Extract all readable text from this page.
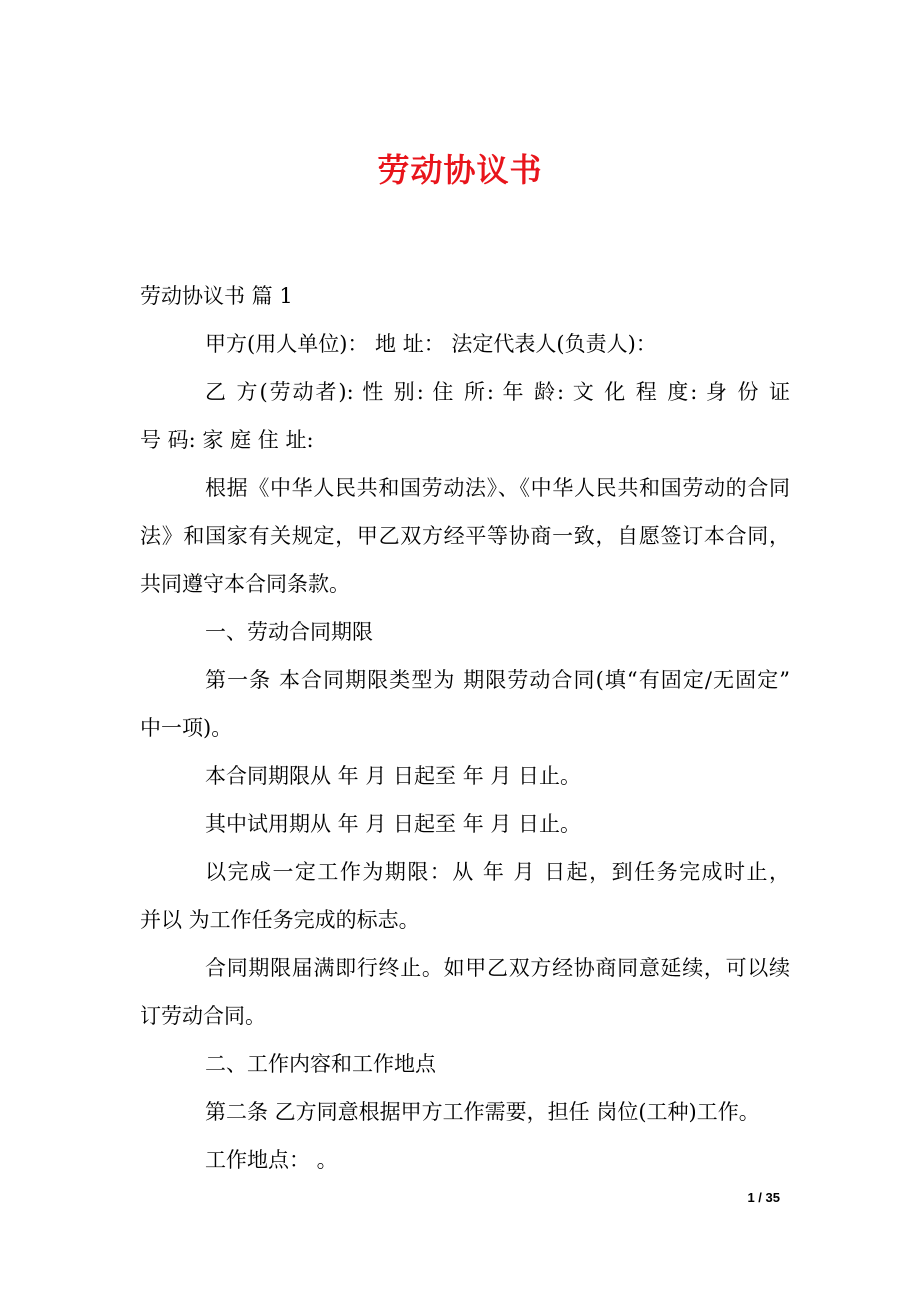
劳动协议书
劳动协议书 篇 1
甲方(用人单位)： 地 址： 法定代表人(负责人)：
乙 方(劳动者): 性 别: 住 所: 年 龄: 文 化 程 度: 身 份 证
号 码: 家 庭 住 址:
根据《中华人民共和国劳动法》、《中华人民共和国劳动的合同
法》和国家有关规定，甲乙双方经平等协商一致，自愿签订本合同，
共同遵守本合同条款。
一、劳动合同期限
第一条 本合同期限类型为 期限劳动合同(填“有固定/无固定”
中一项)。
本合同期限从 年 月 日起至 年 月 日止。
其中试用期从 年 月 日起至 年 月 日止。
以完成一定工作为期限：从 年 月 日起，到任务完成时止，
并以 为工作任务完成的标志。
合同期限届满即行终止。如甲乙双方经协商同意延续，可以续
订劳动合同。
二、工作内容和工作地点
第二条 乙方同意根据甲方工作需要，担任 岗位(工种)工作。
工作地点： 。
1 / 35
